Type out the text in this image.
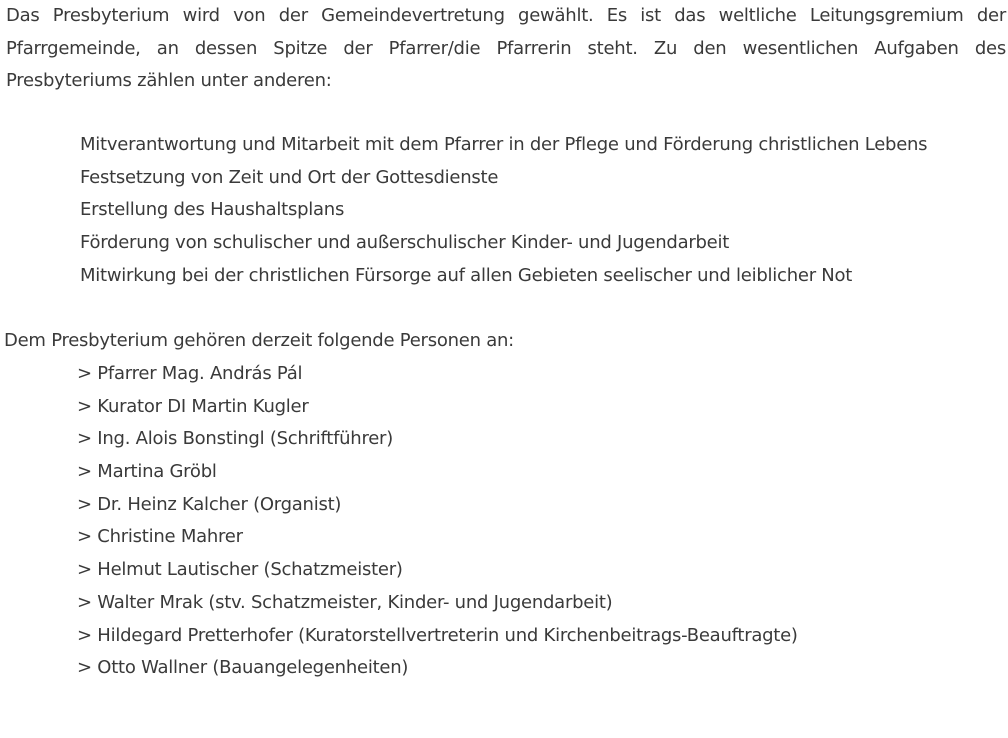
Das Presbyterium wird von der Gemeindevertretung gewählt. Es ist das weltliche Leitungsgremium der Pfarrgemeinde, an dessen Spitze der Pfarrer/die Pfarrerin steht. Zu den wesentlichen Aufgaben des Presbyteriums zählen unter anderen:

Mitverantwortung und Mitarbeit mit dem Pfarrer in der Pflege und Förderung christlichen Lebens
Festsetzung von Zeit und Ort der Gottesdienste
Erstellung des Haushaltsplans
Förderung von schulischer und außerschulischer Kinder- und Jugendarbeit
Mitwirkung bei der christlichen Fürsorge auf allen Gebieten seelischer und leiblicher Not

Dem Presbyterium gehören derzeit folgende Personen an:

> Pfarrer Mag. András Pál
> Kurator DI Martin Kugler
> Ing. Alois Bonstingl (Schriftführer)
> Martina Gröbl
> Dr. Heinz Kalcher (Organist)
> Christine Mahrer
> Helmut Lautischer (Schatzmeister)
> Walter Mrak (stv. Schatzmeister, Kinder- und Jugendarbeit)
> Hildegard Pretterhofer (Kuratorstellvertreterin und Kirchenbeitrags-Beauftragte)
> Otto Wallner (Bauangelegenheiten)
